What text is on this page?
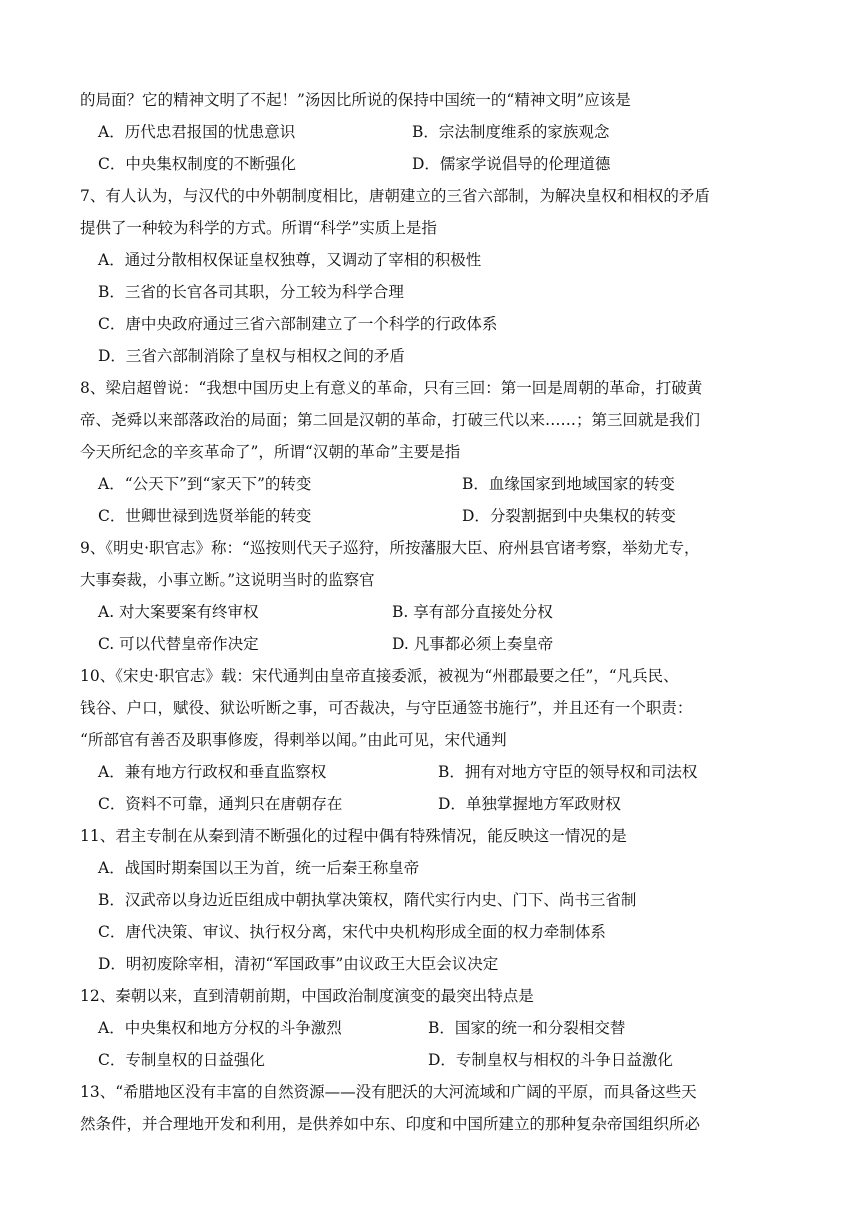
的局面？它的精神文明了不起！”汤因比所说的保持中国统一的“精神文明”应该是
A．历代忠君报国的忧患意识	B．宗法制度维系的家族观念
C．中央集权制度的不断强化	D．儒家学说倡导的伦理道德
7、有人认为，与汉代的中外朝制度相比，唐朝建立的三省六部制，为解决皇权和相权的矛盾
提供了一种较为科学的方式。所谓“科学”实质上是指
A．通过分散相权保证皇权独尊，又调动了宰相的积极性
B．三省的长官各司其职，分工较为科学合理
C．唐中央政府通过三省六部制建立了一个科学的行政体系
D．三省六部制消除了皇权与相权之间的矛盾
8、梁启超曾说：“我想中国历史上有意义的革命，只有三回：第一回是周朝的革命，打破黄
帝、尧舜以来部落政治的局面；第二回是汉朝的革命，打破三代以来……；第三回就是我们
今天所纪念的辛亥革命了”，所谓“汉朝的革命”主要是指
A．“公天下”到“家天下”的转变	B．血缘国家到地域国家的转变
C．世卿世禄到选贤举能的转变	D．分裂割据到中央集权的转变
9、《明史·职官志》称：“巡按则代天子巡狩，所按藩服大臣、府州县官诸考察，举劾尤专，
大事奏裁，小事立断。”这说明当时的监察官
A. 对大案要案有终审权	B. 享有部分直接处分权
C. 可以代替皇帝作决定	D. 凡事都必须上奏皇帝
10、《宋史·职官志》载：宋代通判由皇帝直接委派，被视为“州郡最要之任”，“凡兵民、
钱谷、户口，赋役、狱讼听断之事，可否裁决，与守臣通签书施行”，并且还有一个职责：
“所部官有善否及职事修废，得剌举以闻。”由此可见，宋代通判
A．兼有地方行政权和垂直监察权	B．拥有对地方守臣的领导权和司法权
C．资料不可靠，通判只在唐朝存在	D．单独掌握地方军政财权
11、君主专制在从秦到清不断强化的过程中偶有特殊情况，能反映这一情况的是
A．战国时期秦国以王为首，统一后秦王称皇帝
B．汉武帝以身边近臣组成中朝执掌决策权，隋代实行内史、门下、尚书三省制
C．唐代决策、审议、执行权分离，宋代中央机构形成全面的权力牵制体系
D．明初废除宰相，清初“军国政事”由议政王大臣会议决定
12、秦朝以来，直到清朝前期，中国政治制度演变的最突出特点是
A．中央集权和地方分权的斗争激烈	B．国家的统一和分裂相交替
C．专制皇权的日益强化	D．专制皇权与相权的斗争日益激化
13、“希腊地区没有丰富的自然资源——没有肥沃的大河流域和广阔的平原，而具备这些天
然条件，并合理地开发和利用，是供养如中东、印度和中国所建立的那种复杂帝国组织所必
